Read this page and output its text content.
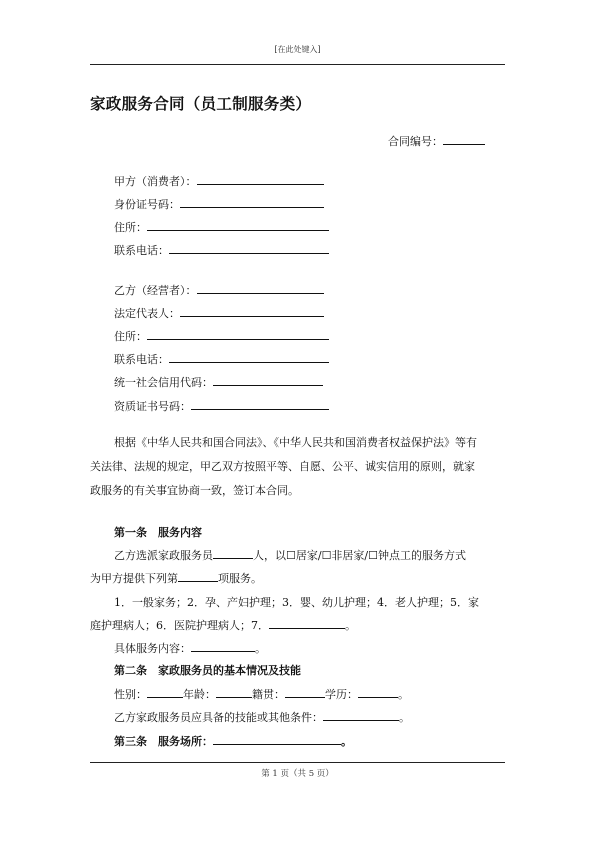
[在此处键入]
家政服务合同（员工制服务类）
合同编号：
甲方（消费者）：
身份证号码：
住所：
联系电话：
乙方（经营者）：
法定代表人：
住所：
联系电话：
统一社会信用代码：
资质证书号码：
根据《中华人民共和国合同法》、《中华人民共和国消费者权益保护法》等有
关法律、法规的规定，甲乙双方按照平等、自愿、公平、诚实信用的原则，就家
政服务的有关事宜协商一致，签订本合同。
第一条　服务内容
乙方选派家政服务员	人，以☐居家/☐非居家/☐钟点工的服务方式
为甲方提供下列第	项服务。
1．一般家务；2．孕、产妇护理；3．婴、幼儿护理；4．老人护理；5．家
庭护理病人；6．医院护理病人；7．	。
具体服务内容：	。
第二条　家政服务员的基本情况及技能
性别：	年龄：	籍贯：	学历：	。
乙方家政服务员应具备的技能或其他条件：	。
第三条　服务场所：	。
第 1 页（共 5 页）
